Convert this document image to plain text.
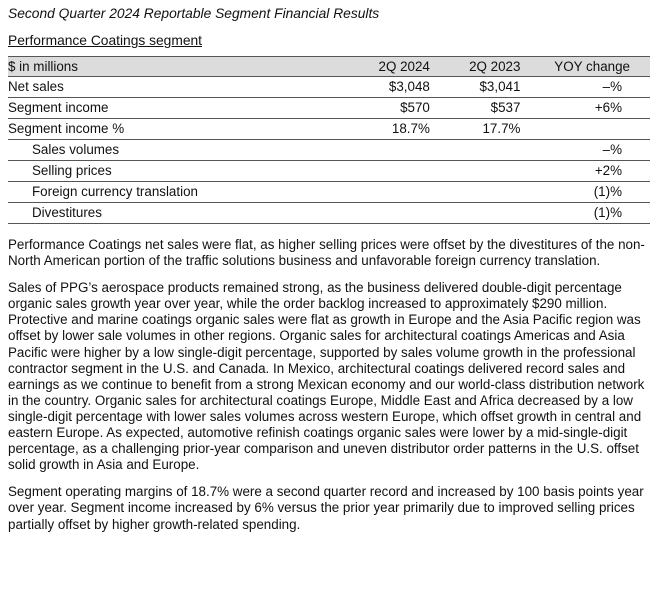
Second Quarter 2024 Reportable Segment Financial Results
Performance Coatings segment
$ in millions	2Q 2024	2Q 2023	YOY change
Net sales	$3,048	$3,041	–%
Segment income	$570	$537	+6%
Segment income %	18.7%	17.7%	
Sales volumes			–%
Selling prices			+2%
Foreign currency translation			(1)%
Divestitures			(1)%

Performance Coatings net sales were flat, as higher selling prices were offset by the divestitures of the non-North American portion of the traffic solutions business and unfavorable foreign currency translation.

Sales of PPG’s aerospace products remained strong, as the business delivered double-digit percentage organic sales growth year over year, while the order backlog increased to approximately $290 million. Protective and marine coatings organic sales were flat as growth in Europe and the Asia Pacific region was offset by lower sale volumes in other regions. Organic sales for architectural coatings Americas and Asia Pacific were higher by a low single-digit percentage, supported by sales volume growth in the professional contractor segment in the U.S. and Canada. In Mexico, architectural coatings delivered record sales and earnings as we continue to benefit from a strong Mexican economy and our world-class distribution network in the country. Organic sales for architectural coatings Europe, Middle East and Africa decreased by a low single-digit percentage with lower sales volumes across western Europe, which offset growth in central and eastern Europe. As expected, automotive refinish coatings organic sales were lower by a mid-single-digit percentage, as a challenging prior-year comparison and uneven distributor order patterns in the U.S. offset solid growth in Asia and Europe.

Segment operating margins of 18.7% were a second quarter record and increased by 100 basis points year over year. Segment income increased by 6% versus the prior year primarily due to improved selling prices partially offset by higher growth-related spending.
